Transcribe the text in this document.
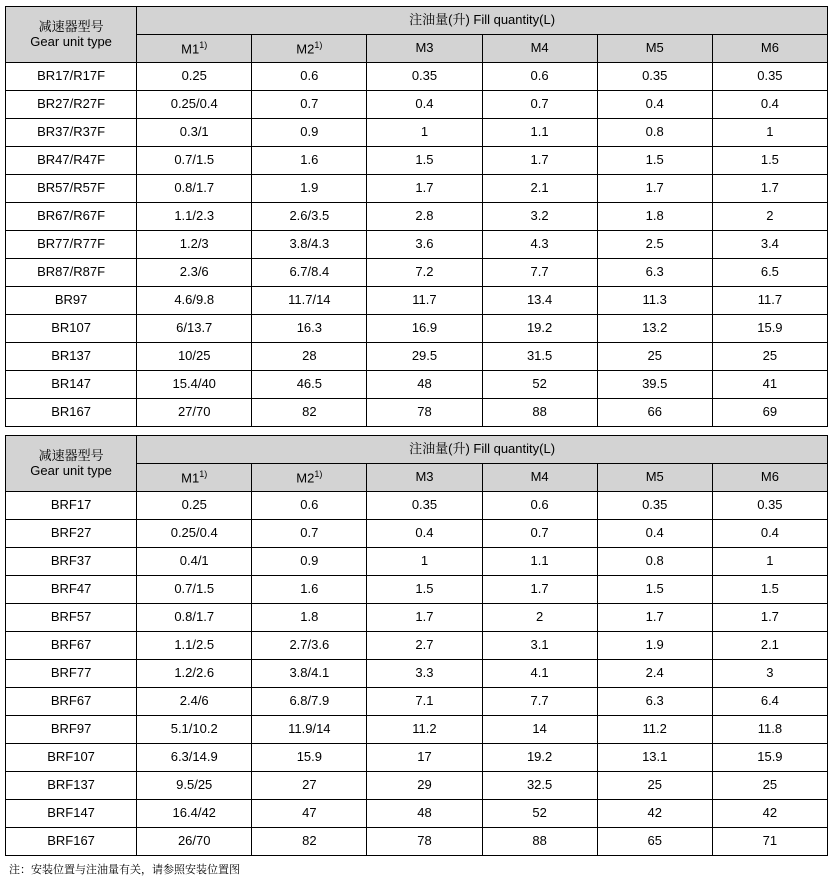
减速器型号
Gear unit type	注油量(升) Fill quantity(L)					
	M1$^{1)}$	M2$^{1)}$	M3	M4	M5	M6
BR17/R17F	0.25	0.6	0.35	0.6	0.35	0.35
BR27/R27F	0.25/0.4	0.7	0.4	0.7	0.4	0.4
BR37/R37F	0.3/1	0.9	1	1.1	0.8	1
BR47/R47F	0.7/1.5	1.6	1.5	1.7	1.5	1.5
BR57/R57F	0.8/1.7	1.9	1.7	2.1	1.7	1.7
BR67/R67F	1.1/2.3	2.6/3.5	2.8	3.2	1.8	2
BR77/R77F	1.2/3	3.8/4.3	3.6	4.3	2.5	3.4
BR87/R87F	2.3/6	6.7/8.4	7.2	7.7	6.3	6.5
BR97	4.6/9.8	11.7/14	11.7	13.4	11.3	11.7
BR107	6/13.7	16.3	16.9	19.2	13.2	15.9
BR137	10/25	28	29.5	31.5	25	25
BR147	15.4/40	46.5	48	52	39.5	41
BR167	27/70	82	78	88	66	69
减速器型号
Gear unit type	注油量(升) Fill quantity(L)					
	M1$^{1)}$	M2$^{1)}$	M3	M4	M5	M6
BRF17	0.25	0.6	0.35	0.6	0.35	0.35
BRF27	0.25/0.4	0.7	0.4	0.7	0.4	0.4
BRF37	0.4/1	0.9	1	1.1	0.8	1
BRF47	0.7/1.5	1.6	1.5	1.7	1.5	1.5
BRF57	0.8/1.7	1.8	1.7	2	1.7	1.7
BRF67	1.1/2.5	2.7/3.6	2.7	3.1	1.9	2.1
BRF77	1.2/2.6	3.8/4.1	3.3	4.1	2.4	3
BRF67	2.4/6	6.8/7.9	7.1	7.7	6.3	6.4
BRF97	5.1/10.2	11.9/14	11.2	14	11.2	11.8
BRF107	6.3/14.9	15.9	17	19.2	13.1	15.9
BRF137	9.5/25	27	29	32.5	25	25
BRF147	16.4/42	47	48	52	42	42
BRF167	26/70	82	78	88	65	71
注：安装位置与注油量有关，请参照安装位置图
